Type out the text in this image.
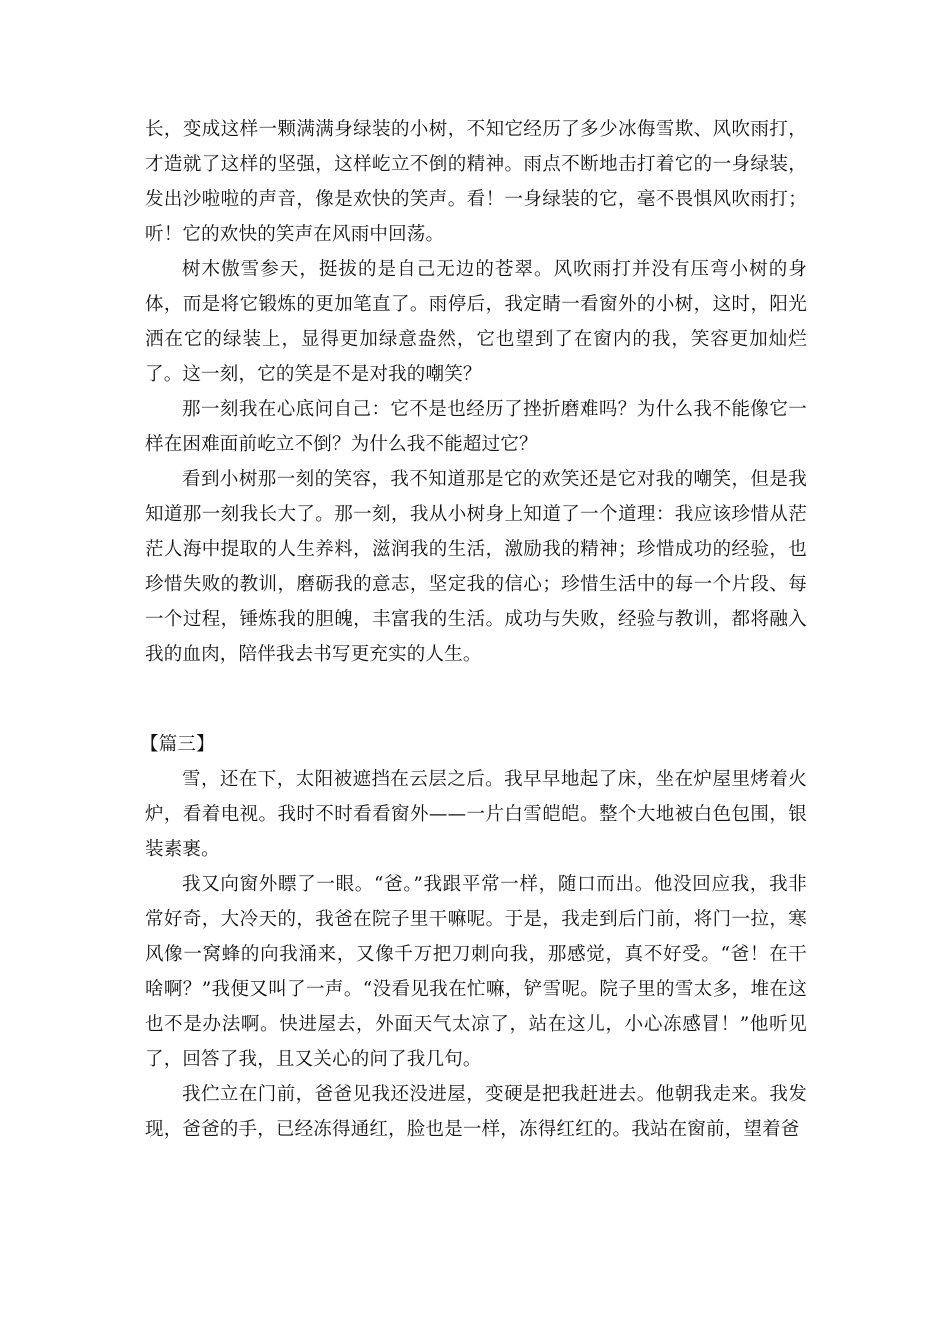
长，变成这样一颗满满身绿装的小树，不知它经历了多少冰侮雪欺、风吹雨打，才造就了这样的坚强，这样屹立不倒的精神。雨点不断地击打着它的一身绿装，发出沙啦啦的声音，像是欢快的笑声。看！一身绿装的它，毫不畏惧风吹雨打；听！它的欢快的笑声在风雨中回荡。

树木傲雪参天，挺拔的是自己无边的苍翠。风吹雨打并没有压弯小树的身体，而是将它锻炼的更加笔直了。雨停后，我定睛一看窗外的小树，这时，阳光洒在它的绿装上，显得更加绿意盎然，它也望到了在窗内的我，笑容更加灿烂了。这一刻，它的笑是不是对我的嘲笑？

那一刻我在心底问自己：它不是也经历了挫折磨难吗？为什么我不能像它一样在困难面前屹立不倒？为什么我不能超过它？

看到小树那一刻的笑容，我不知道那是它的欢笑还是它对我的嘲笑，但是我知道那一刻我长大了。那一刻，我从小树身上知道了一个道理：我应该珍惜从茫茫人海中提取的人生养料，滋润我的生活，激励我的精神；珍惜成功的经验，也珍惜失败的教训，磨砺我的意志，坚定我的信心；珍惜生活中的每一个片段、每一个过程，锤炼我的胆魄，丰富我的生活。成功与失败，经验与教训，都将融入我的血肉，陪伴我去书写更充实的人生。

【篇三】

雪，还在下，太阳被遮挡在云层之后。我早早地起了床，坐在炉屋里烤着火炉，看着电视。我时不时看看窗外——一片白雪皑皑。整个大地被白色包围，银装素裹。

我又向窗外瞟了一眼。“爸。”我跟平常一样，随口而出。他没回应我，我非常好奇，大冷天的，我爸在院子里干嘛呢。于是，我走到后门前，将门一拉，寒风像一窝蜂的向我涌来，又像千万把刀刺向我，那感觉，真不好受。“爸！在干啥啊？”我便又叫了一声。“没看见我在忙嘛，铲雪呢。院子里的雪太多，堆在这也不是办法啊。快进屋去，外面天气太凉了，站在这儿，小心冻感冒！”他听见了，回答了我，且又关心的问了我几句。

我伫立在门前，爸爸见我还没进屋，变硬是把我赶进去。他朝我走来。我发现，爸爸的手，已经冻得通红，脸也是一样，冻得红红的。我站在窗前，望着爸
